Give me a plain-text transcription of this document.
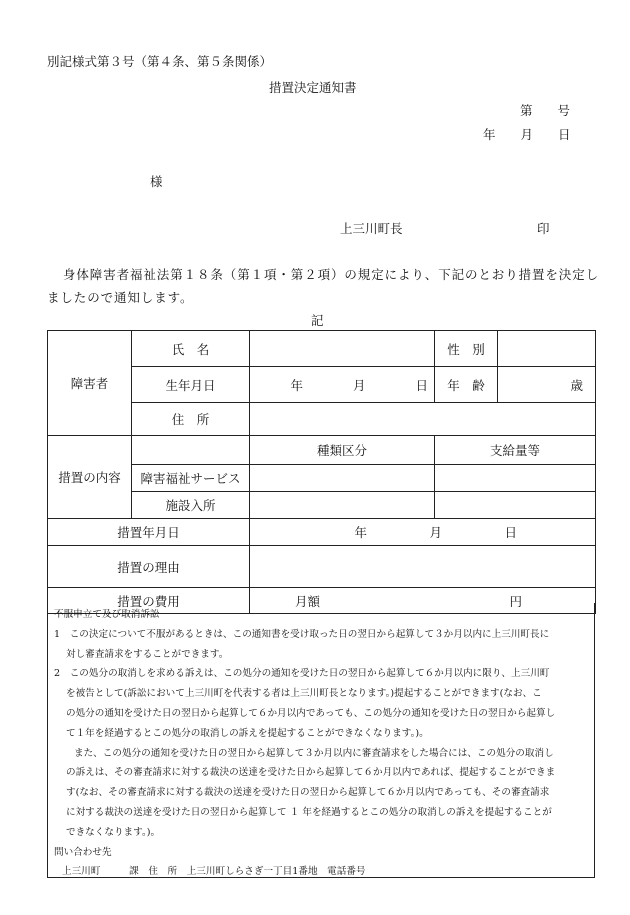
別記様式第３号（第４条、第５条関係）
措置決定通知書
第　　号
年　　月　　日
様
上三川町長	印
身体障害者福祉法第１８条（第１項・第２項）の規定により、下記のとおり措置を決定し
ましたので通知します。
記
障害者	氏　名		性　別	
	生年月日	年　　　　月　　　　日	年　齢	歳
	住　所			
措置の内容		種類区分	支給量等	
	障害福祉サービス			
	施設入所			
措置年月日		年　　　　　月　　　　　日		
措置の理由				
措置の費用		月額 円		

不服申立て及び取消訴訟

1　この決定について不服があるときは、この通知書を受け取った日の翌日から起算して３か月以内に上三川町長に

対し審査請求をすることができます。

2　この処分の取消しを求める訴えは、この処分の通知を受けた日の翌日から起算して６か月以内に限り、上三川町

を被告として(訴訟において上三川町を代表する者は上三川町長となります。)提起することができます(なお、こ

の処分の通知を受けた日の翌日から起算して６か月以内であっても、この処分の通知を受けた日の翌日から起算し

て１年を経過するとこの処分の取消しの訴えを提起することができなくなります。)。

また、この処分の通知を受けた日の翌日から起算して３か月以内に審査請求をした場合には、この処分の取消し

の訴えは、その審査請求に対する裁決の送達を受けた日から起算して６か月以内であれば、提起することができま

す(なお、その審査請求に対する裁決の送達を受けた日の翌日から起算して６か月以内であっても、その審査請求

に対する裁決の送達を受けた日の翌日から起算して １ 年を経過するとこの処分の取消しの訴えを提起することが

できなくなります。)。

問い合わせ先

上三川町　　　課　住　所　上三川町しらさぎ一丁目1番地　電話番号
